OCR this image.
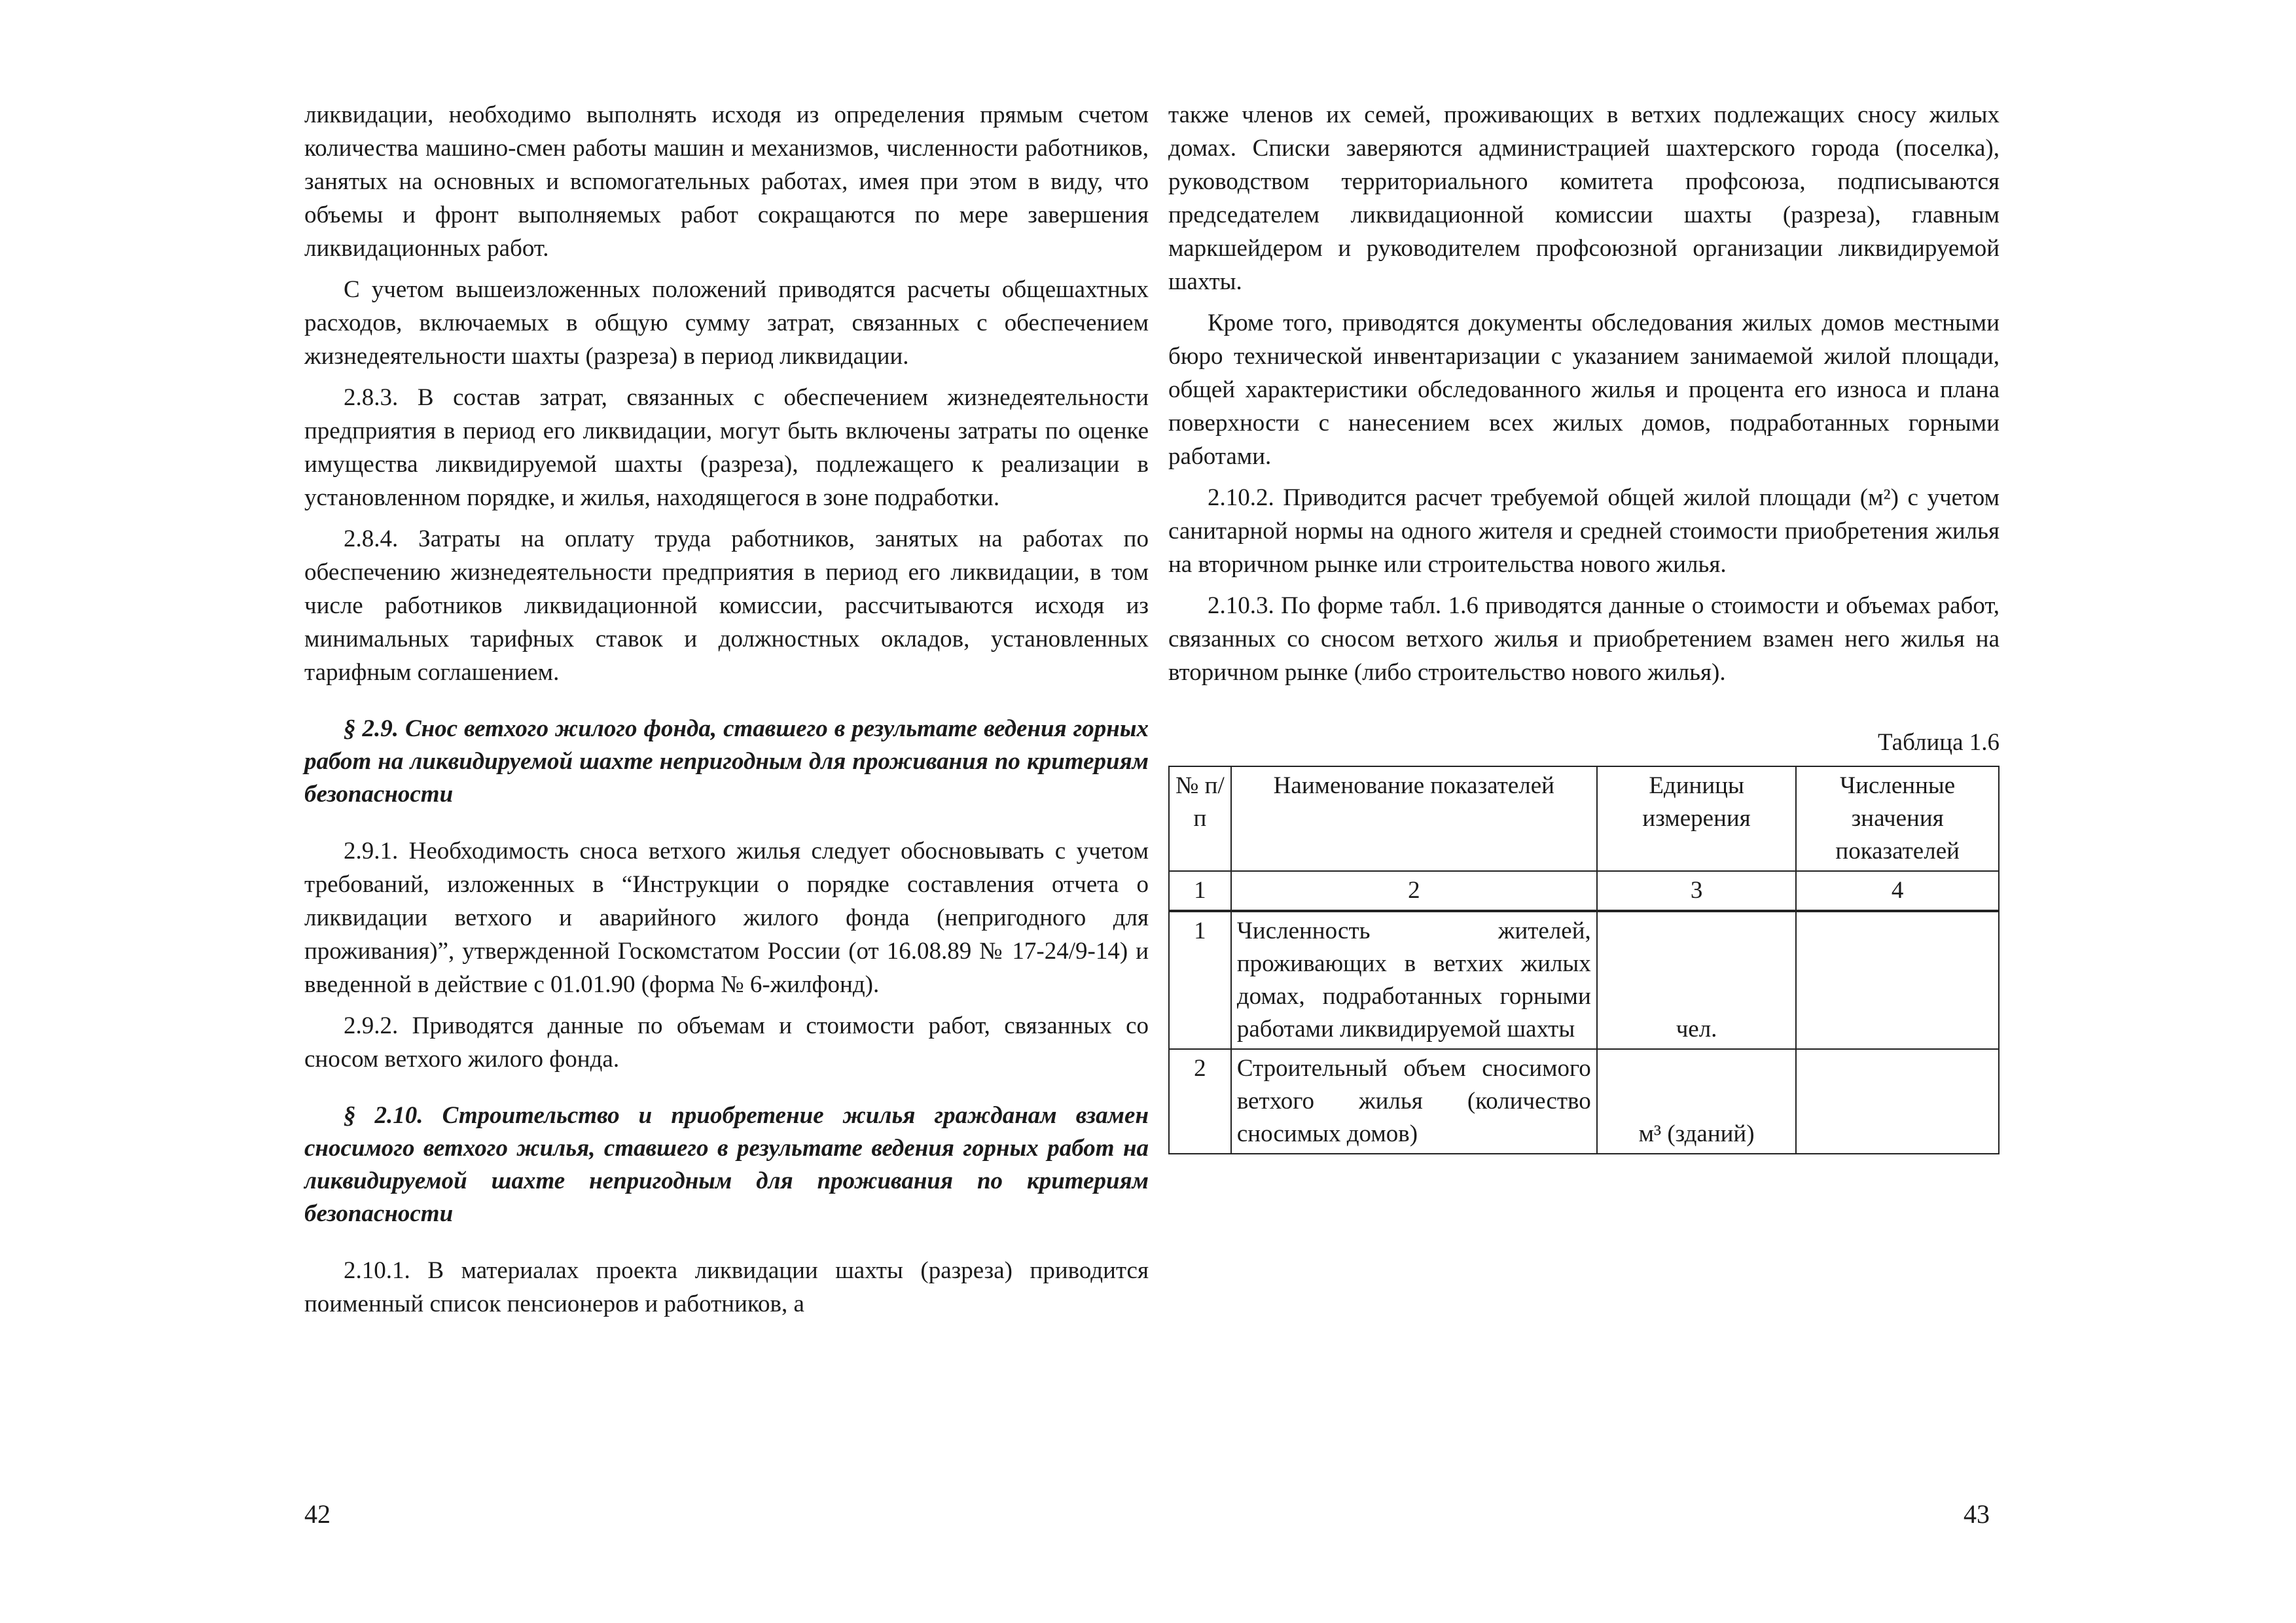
ликвидации, необходимо выполнять исходя из определения прямым счетом количества машино-смен работы машин и механизмов, численности работников, занятых на основных и вспомогательных работах, имея при этом в виду, что объемы и фронт выполняемых работ сокращаются по мере завершения ликвидационных работ.

С учетом вышеизложенных положений приводятся расчеты общешахтных расходов, включаемых в общую сумму затрат, связанных с обеспечением жизнедеятельности шахты (разреза) в период ликвидации.

2.8.3. В состав затрат, связанных с обеспечением жизнедеятельности предприятия в период его ликвидации, могут быть включены затраты по оценке имущества ликвидируемой шахты (разреза), подлежащего к реализации в установленном порядке, и жилья, находящегося в зоне подработки.

2.8.4. Затраты на оплату труда работников, занятых на работах по обеспечению жизнедеятельности предприятия в период его ликвидации, в том числе работников ликвидационной комиссии, рассчитываются исходя из минимальных тарифных ставок и должностных окладов, установленных тарифным соглашением.

§ 2.9. Снос ветхого жилого фонда, ставшего в результате ведения горных работ на ликвидируемой шахте непригодным для проживания по критериям безопасности

2.9.1. Необходимость сноса ветхого жилья следует обосновывать с учетом требований, изложенных в “Инструкции о порядке составления отчета о ликвидации ветхого и аварийного жилого фонда (непригодного для проживания)”, утвержденной Госкомстатом России (от 16.08.89 № 17-24/9-14) и введенной в действие с 01.01.90 (форма № 6-жилфонд).

2.9.2. Приводятся данные по объемам и стоимости работ, связанных со сносом ветхого жилого фонда.

§ 2.10. Строительство и приобретение жилья гражданам взамен сносимого ветхого жилья, ставшего в результате ведения горных работ на ликвидируемой шахте непригодным для проживания по критериям безопасности

2.10.1. В материалах проекта ликвидации шахты (разреза) приводится поименный список пенсионеров и работников, а

также членов их семей, проживающих в ветхих подлежащих сносу жилых домах. Списки заверяются администрацией шахтерского города (поселка), руководством территориального комитета профсоюза, подписываются председателем ликвидационной комиссии шахты (разреза), главным маркшейдером и руководителем профсоюзной организации ликвидируемой шахты.

Кроме того, приводятся документы обследования жилых домов местными бюро технической инвентаризации с указанием занимаемой жилой площади, общей характеристики обследованного жилья и процента его износа и плана поверхности с нанесением всех жилых домов, подработанных горными работами.

2.10.2. Приводится расчет требуемой общей жилой площади (м²) с учетом санитарной нормы на одного жителя и средней стоимости приобретения жилья на вторичном рынке или строительства нового жилья.

2.10.3. По форме табл. 1.6 приводятся данные о стоимости и объемах работ, связанных со сносом ветхого жилья и приобретением взамен него жилья на вторичном рынке (либо строительство нового жилья).

Таблица 1.6
№ п/п	Наименование показателей	Единицы измерения	Численные значения показателей
1	2	3	4
1	Численность жителей, проживающих в ветхих жилых домах, подработанных горными работами ликвидируемой шахты	чел.	
2	Строительный объем сносимого ветхого жилья (количество сносимых домов)	м³ (зданий)	
42	43
